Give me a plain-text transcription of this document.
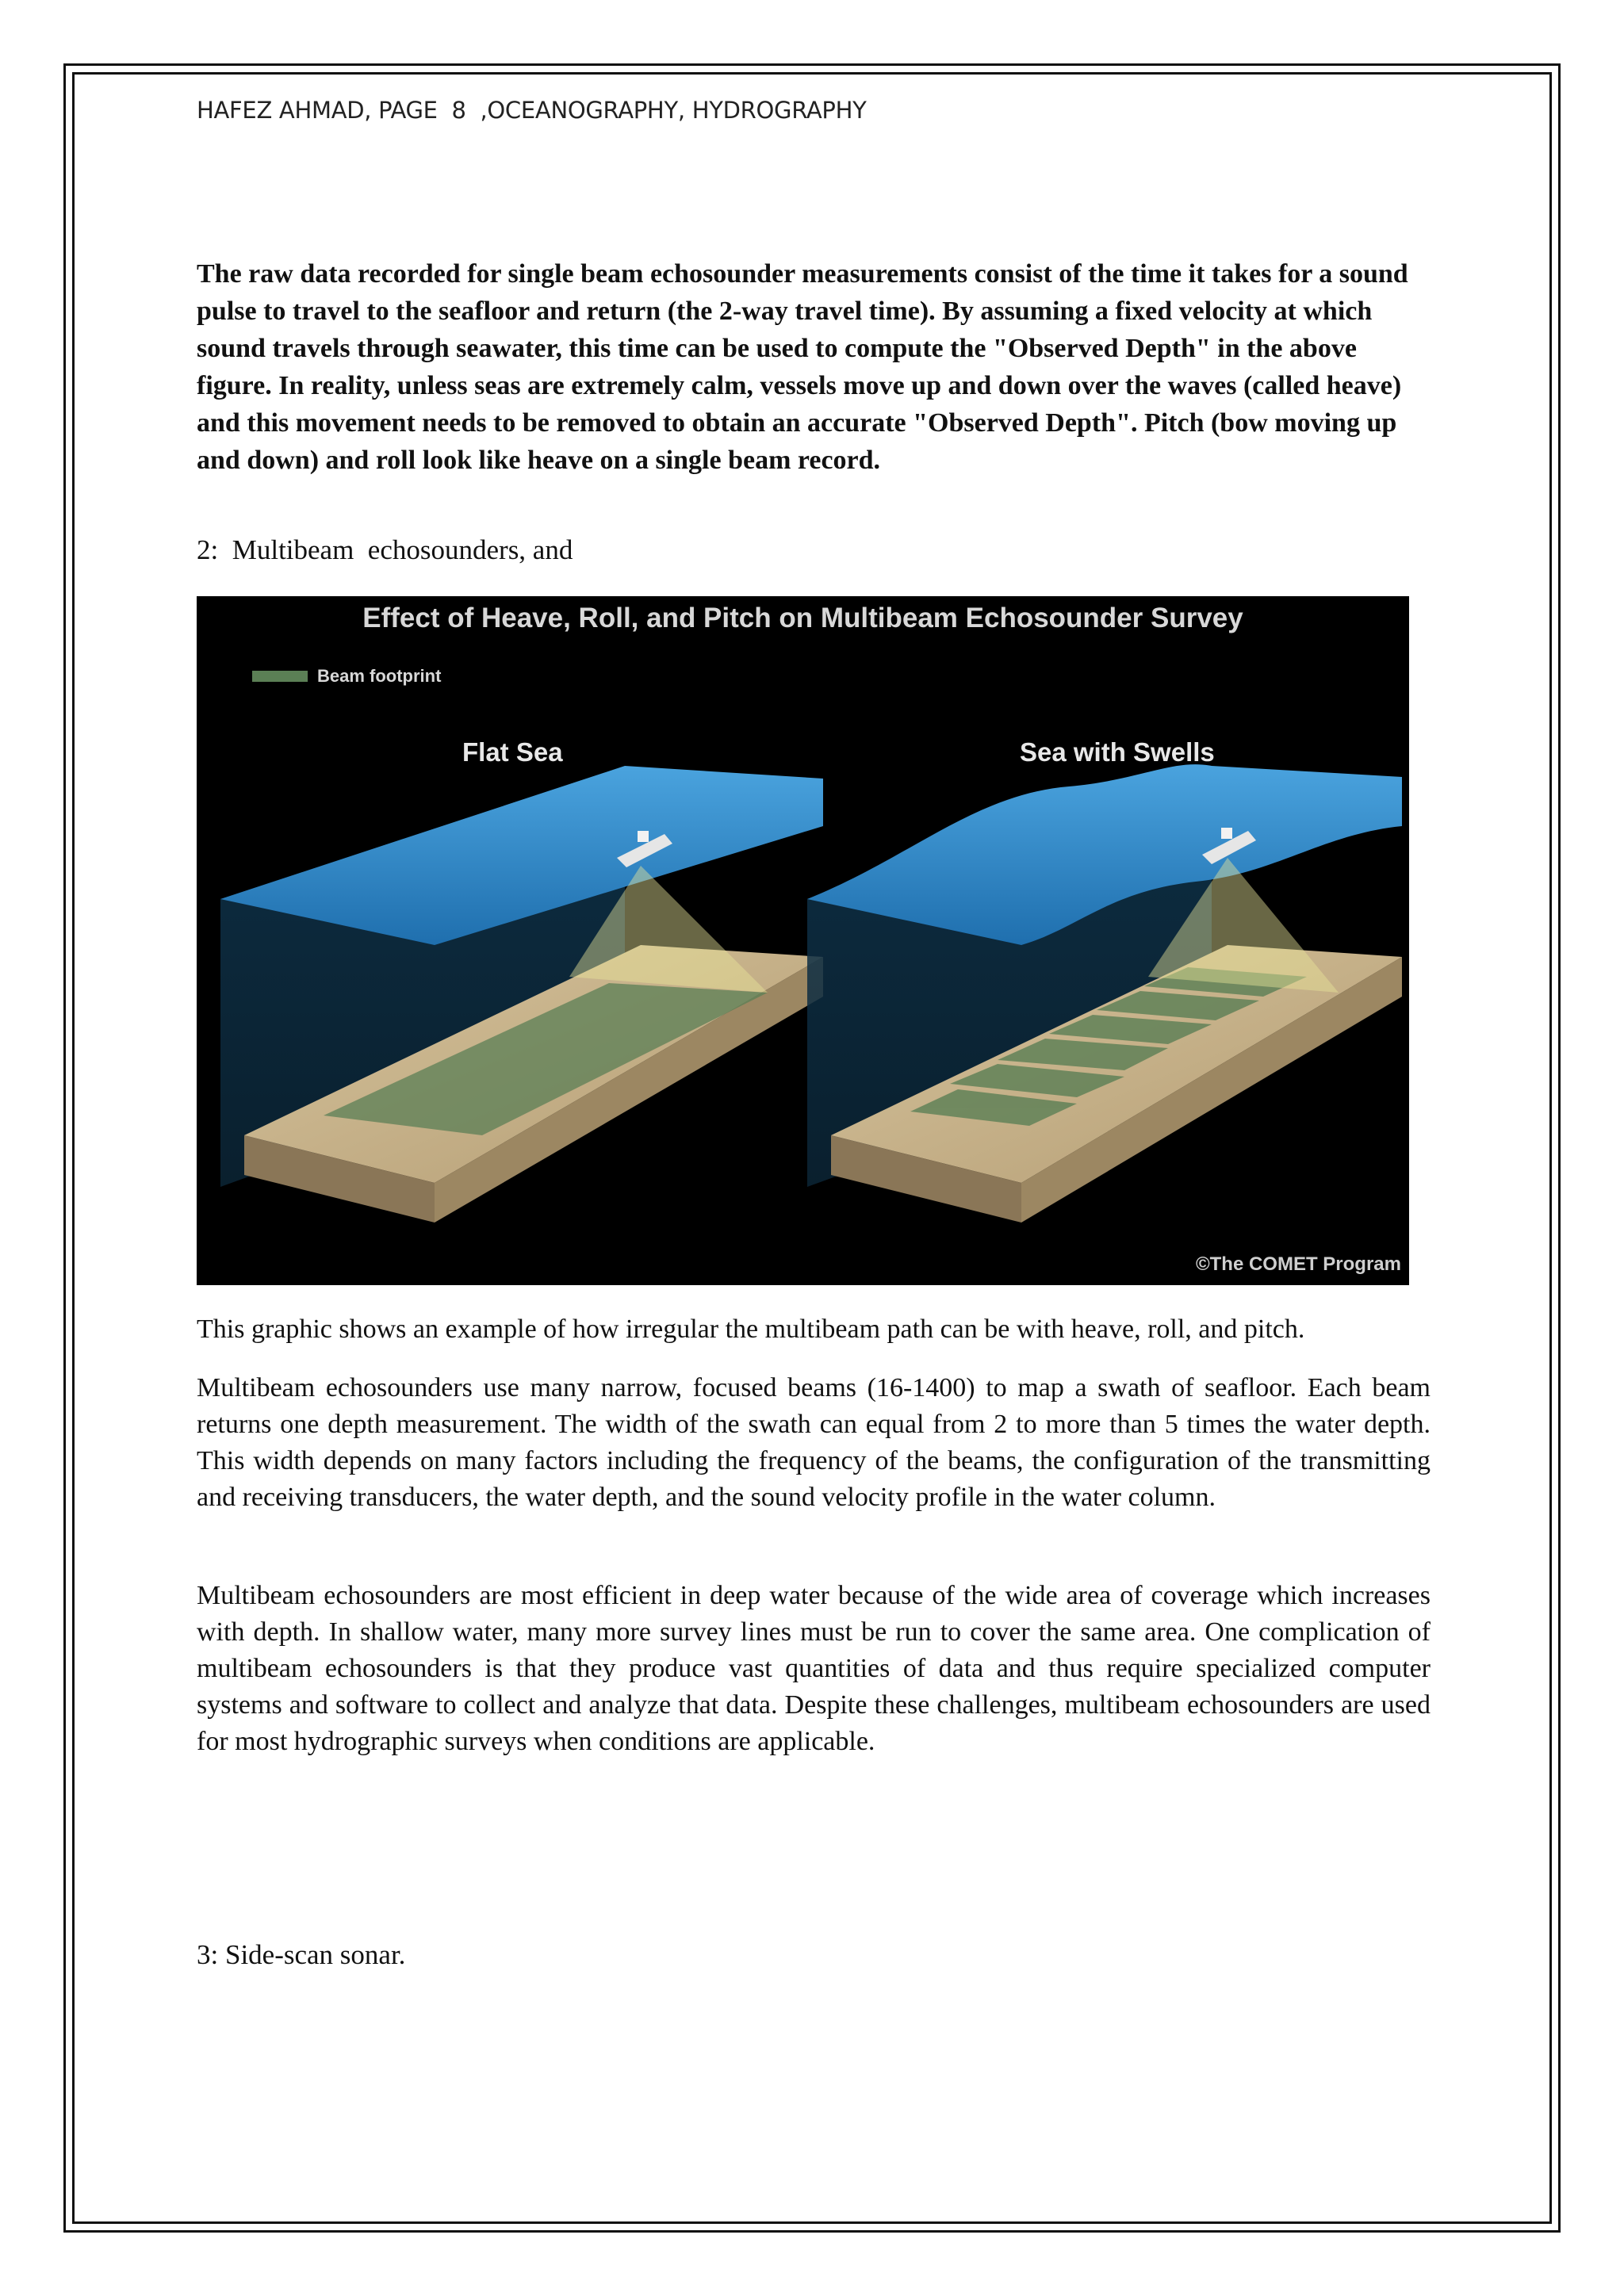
HAFEZ AHMAD, PAGE  8  ,OCEANOGRAPHY, HYDROGRAPHY

The raw data recorded for single beam echosounder measurements consist of the time it takes for a sound pulse to travel to the seafloor and return (the 2-way travel time). By assuming a fixed velocity at which sound travels through seawater, this time can be used to compute the "Observed Depth" in the above figure. In reality, unless seas are extremely calm, vessels move up and down over the waves (called heave) and this movement needs to be removed to obtain an accurate "Observed Depth". Pitch (bow moving up and down) and roll look like heave on a single beam record.

2:  Multibeam  echosounders, and

Effect of Heave, Roll, and Pitch on Multibeam Echosounder Survey
Beam footprint
Flat Sea	Sea with Swells
©The COMET Program

This graphic shows an example of how irregular the multibeam path can be with heave, roll, and pitch.

Multibeam echosounders use many narrow, focused beams (16-1400) to map a swath of seafloor. Each beam returns one depth measurement. The width of the swath can equal from 2 to more than 5 times the water depth. This width depends on many factors including the frequency of the beams, the configuration of the transmitting and receiving transducers, the water depth, and the sound velocity profile in the water column.

Multibeam echosounders are most efficient in deep water because of the wide area of coverage which increases with depth. In shallow water, many more survey lines must be run to cover the same area. One complication of multibeam echosounders is that they produce vast quantities of data and thus require specialized computer systems and software to collect and analyze that data. Despite these challenges, multibeam echosounders are used for most hydrographic surveys when conditions are applicable.

3: Side-scan sonar.
